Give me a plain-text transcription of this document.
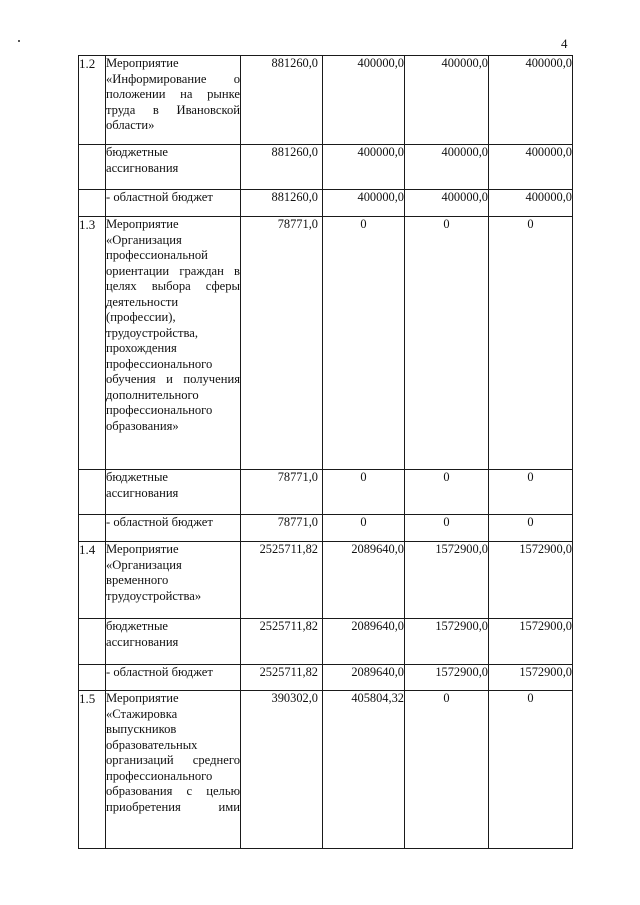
4
1.2	Мероприятие «Информирование о положении на рынке труда в Ивановской области»	881260,0	400000,0	400000,0	400000,0

	бюджетные ассигнования	881260,0	400000,0	400000,0	400000,0

	- областной бюджет	881260,0	400000,0	400000,0	400000,0
1.3	Мероприятие «Организация профессиональной ориентации граждан в целях выбора сферы деятельности (профессии), трудоустройства, прохождения профессионального обучения и получения дополнительного профессионального образования»	78771,0	0	0	0

	бюджетные ассигнования	78771,0	0	0	0

	- областной бюджет	78771,0	0	0	0
1.4	Мероприятие «Организация временного трудоустройства»	2525711,82	2089640,0	1572900,0	1572900,0

	бюджетные ассигнования	2525711,82	2089640,0	1572900,0	1572900,0

	- областной бюджет	2525711,82	2089640,0	1572900,0	1572900,0
1.5	Мероприятие «Стажировка выпускников образовательных организаций среднего профессионального образования с целью приобретения ими	390302,0	405804,32	0	0
